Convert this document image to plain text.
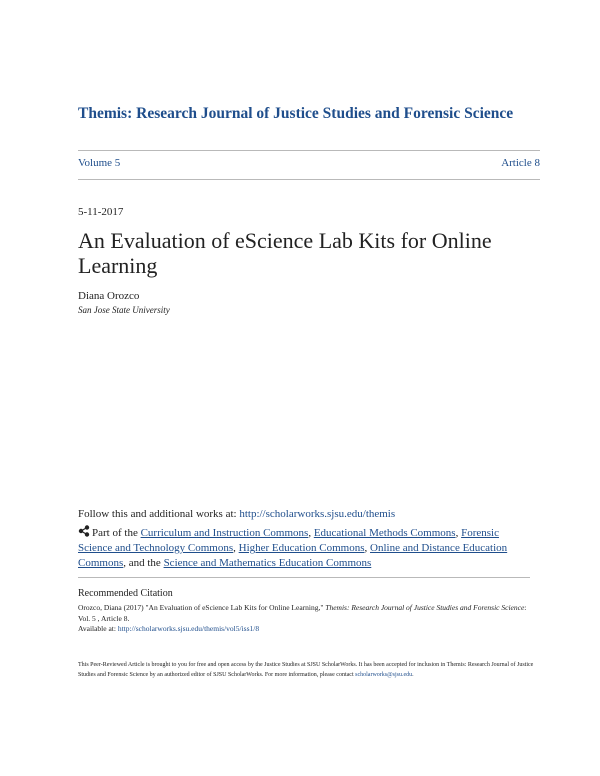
Themis: Research Journal of Justice Studies and Forensic Science
Volume 5	Article 8
5-11-2017
An Evaluation of eScience Lab Kits for Online Learning
Diana Orozco
San Jose State University
Follow this and additional works at: http://scholarworks.sjsu.edu/themis
Part of the Curriculum and Instruction Commons, Educational Methods Commons, Forensic Science and Technology Commons, Higher Education Commons, Online and Distance Education Commons, and the Science and Mathematics Education Commons
Recommended Citation
Orozco, Diana (2017) "An Evaluation of eScience Lab Kits for Online Learning," Themis: Research Journal of Justice Studies and Forensic Science: Vol. 5 , Article 8.
Available at: http://scholarworks.sjsu.edu/themis/vol5/iss1/8
This Peer-Reviewed Article is brought to you for free and open access by the Justice Studies at SJSU ScholarWorks. It has been accepted for inclusion in Themis: Research Journal of Justice Studies and Forensic Science by an authorized editor of SJSU ScholarWorks. For more information, please contact scholarworks@sjsu.edu.
